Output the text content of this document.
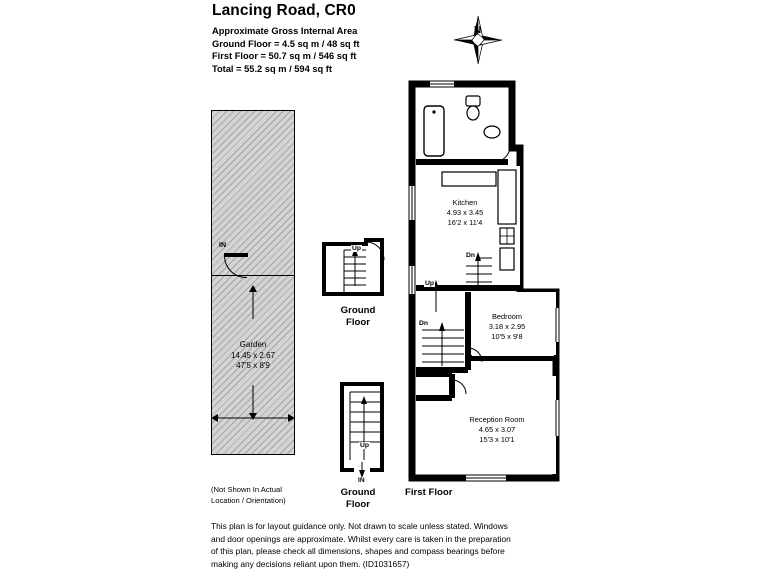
Lancing Road, CR0
Approximate Gross Internal Area
Ground Floor = 4.5 sq m / 48 sq ft
First Floor = 50.7 sq m / 546 sq ft
Total = 55.2 sq m / 594 sq ft
N
IN
Garden
14.45 x 2.67
47'5 x 8'9
(Not Shown In Actual
Location / Orientation)
Up
Ground
Floor
Up
IN
Ground
Floor
Dn
Up
Dn
Kitchen
4.93 x 3.45
16'2 x 11'4
Bedroom
3.18 x 2.95
10'5 x 9'8
Reception Room
4.65 x 3.07
15'3 x 10'1
First Floor
This plan is for layout guidance only. Not drawn to scale unless stated. Windows
and door openings are approximate. Whilst every care is taken in the preparation
of this plan, please check all dimensions, shapes and compass bearings before
making any decisions reliant upon them. (ID1031657)
